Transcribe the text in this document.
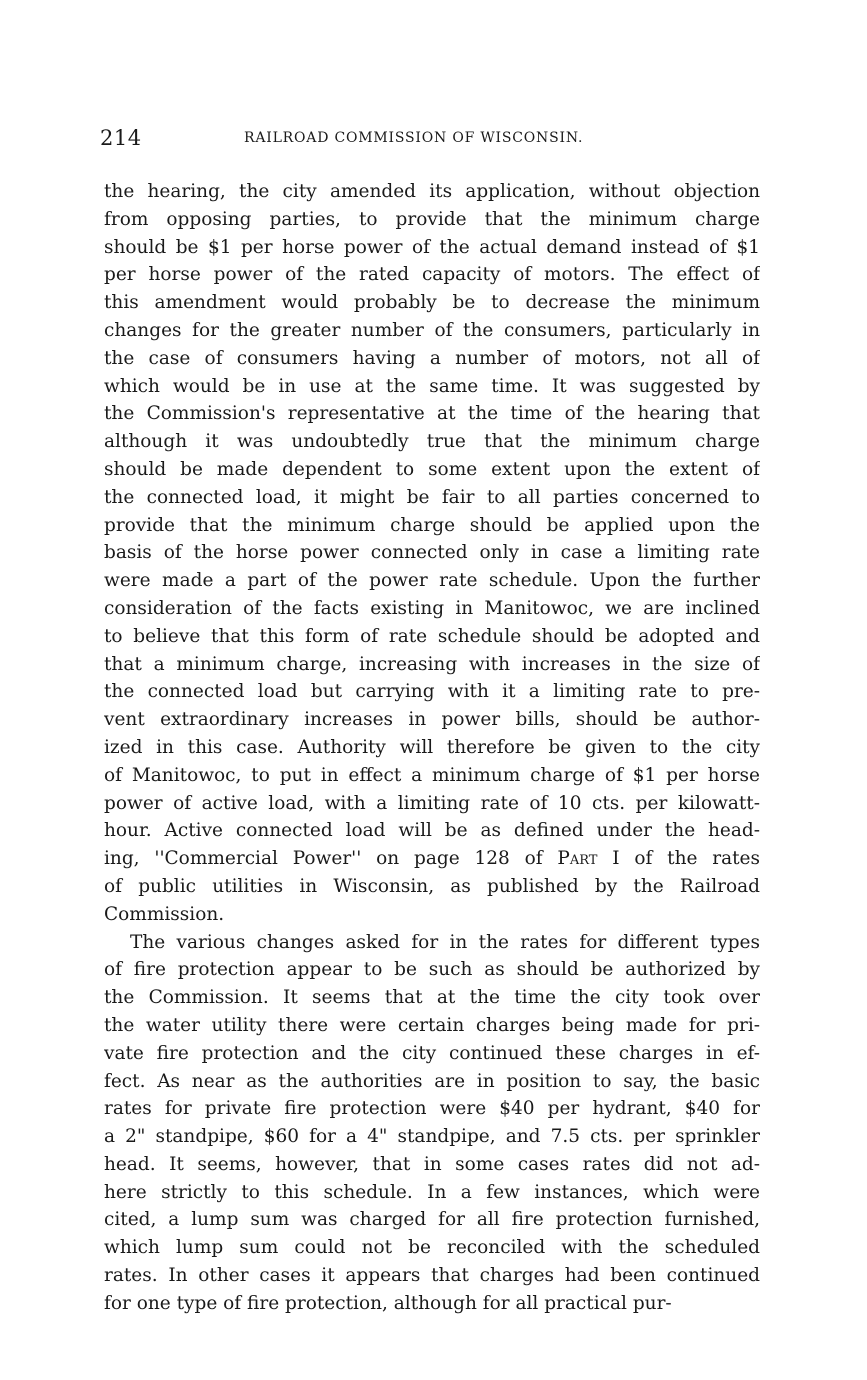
214	RAILROAD COMMISSION OF WISCONSIN.
the hearing, the city amended its application, without objection
from opposing parties, to provide that the minimum charge
should be $1 per horse power of the actual demand instead of $1
per horse power of the rated capacity of motors. The effect of
this amendment would probably be to decrease the minimum
changes for the greater number of the consumers, particularly in
the case of consumers having a number of motors, not all of
which would be in use at the same time. It was suggested by
the Commission's representative at the time of the hearing that
although it was undoubtedly true that the minimum charge
should be made dependent to some extent upon the extent of
the connected load, it might be fair to all parties concerned to
provide that the minimum charge should be applied upon the
basis of the horse power connected only in case a limiting rate
were made a part of the power rate schedule. Upon the further
consideration of the facts existing in Manitowoc, we are inclined
to believe that this form of rate schedule should be adopted and
that a minimum charge, increasing with increases in the size of
the connected load but carrying with it a limiting rate to pre-
vent extraordinary increases in power bills, should be author-
ized in this case. Authority will therefore be given to the city
of Manitowoc, to put in effect a minimum charge of $1 per horse
power of active load, with a limiting rate of 10 cts. per kilowatt-
hour. Active connected load will be as defined under the head-
ing, ''Commercial Power'' on page 128 of Part I of the rates
of public utilities in Wisconsin, as published by the Railroad
Commission.
The various changes asked for in the rates for different types
of fire protection appear to be such as should be authorized by
the Commission. It seems that at the time the city took over
the water utility there were certain charges being made for pri-
vate fire protection and the city continued these charges in ef-
fect. As near as the authorities are in position to say, the basic
rates for private fire protection were $40 per hydrant, $40 for
a 2" standpipe, $60 for a 4" standpipe, and 7.5 cts. per sprinkler
head. It seems, however, that in some cases rates did not ad-
here strictly to this schedule. In a few instances, which were
cited, a lump sum was charged for all fire protection furnished,
which lump sum could not be reconciled with the scheduled
rates. In other cases it appears that charges had been continued
for one type of fire protection, although for all practical pur-
